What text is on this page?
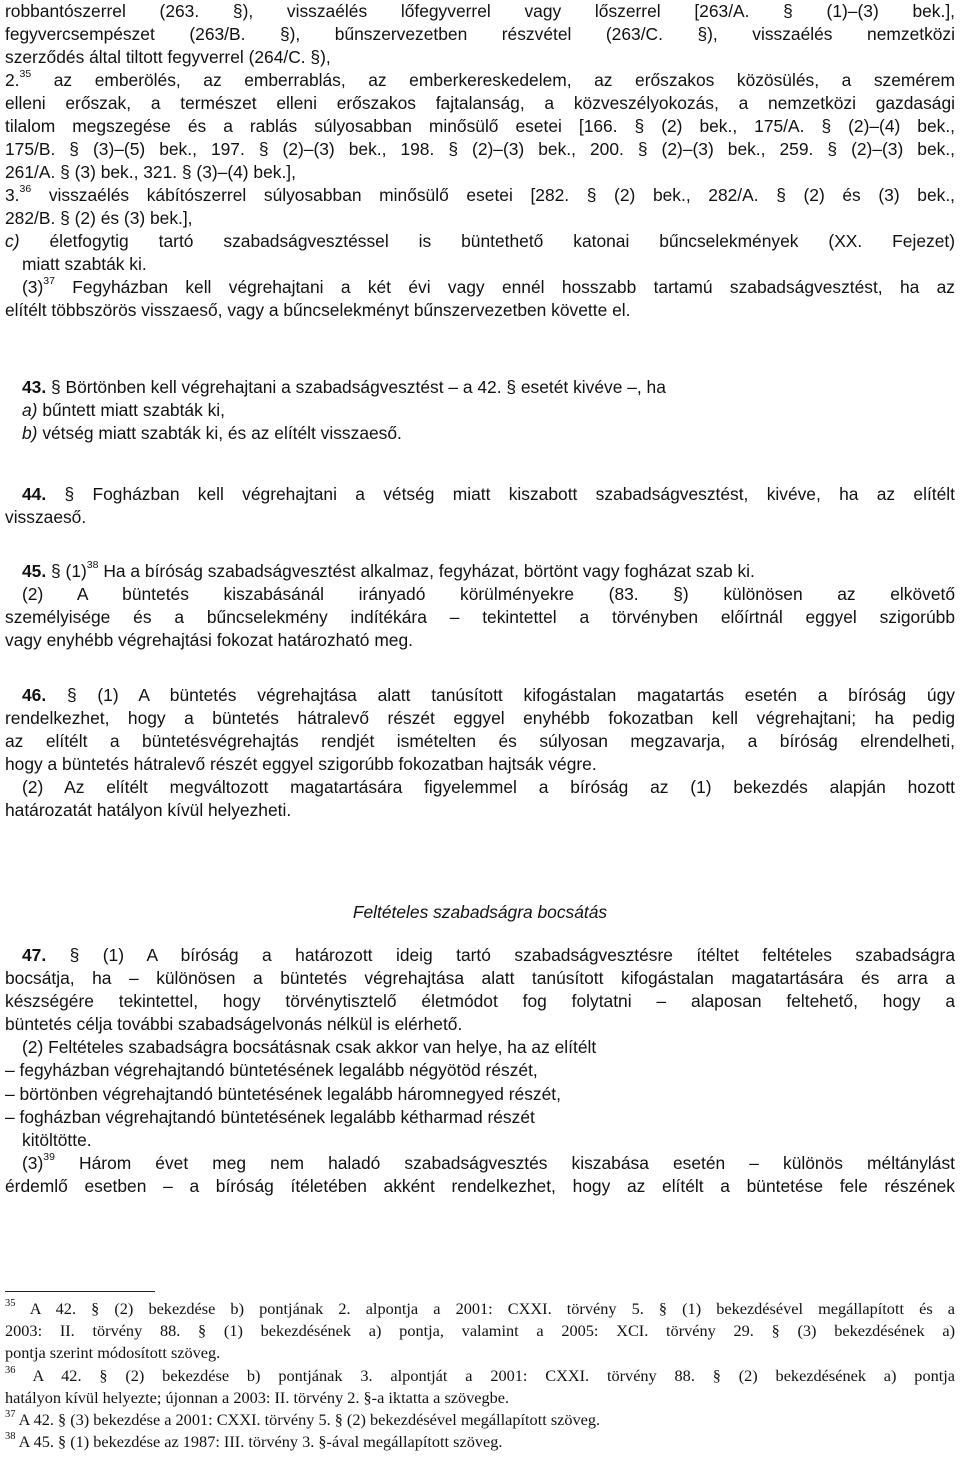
robbantószerrel (263. §), visszaélés lőfegyverrel vagy lőszerrel [263/A. § (1)–(3) bek.],
fegyvercsempészet (263/B. §), bűnszervezetben részvétel (263/C. §), visszaélés nemzetközi
szerződés által tiltott fegyverrel (264/C. §),
2.35 az emberölés, az emberrablás, az emberkereskedelem, az erőszakos közösülés, a szemérem
elleni erőszak, a természet elleni erőszakos fajtalanság, a közveszélyokozás, a nemzetközi gazdasági
tilalom megszegése és a rablás súlyosabban minősülő esetei [166. § (2) bek., 175/A. § (2)–(4) bek.,
175/B. § (3)–(5) bek., 197. § (2)–(3) bek., 198. § (2)–(3) bek., 200. § (2)–(3) bek., 259. § (2)–(3) bek.,
261/A. § (3) bek., 321. § (3)–(4) bek.],
3.36 visszaélés kábítószerrel súlyosabban minősülő esetei [282. § (2) bek., 282/A. § (2) és (3) bek.,
282/B. § (2) és (3) bek.],
c) életfogytig tartó szabadságvesztéssel is büntethető katonai bűncselekmények (XX. Fejezet)
miatt szabták ki.
$(3)^{37}$ Fegyházban kell végrehajtani a két évi vagy ennél hosszabb tartamú szabadságvesztést, ha az
elítélt többszörös visszaeső, vagy a bűncselekményt bűnszervezetben követte el.
43. § Börtönben kell végrehajtani a szabadságvesztést – a 42. § esetét kivéve –, ha
a) bűntett miatt szabták ki,
b) vétség miatt szabták ki, és az elítélt visszaeső.
44. § Fogházban kell végrehajtani a vétség miatt kiszabott szabadságvesztést, kivéve, ha az elítélt
visszaeső.
45. § $(1)^{38}$ Ha a bíróság szabadságvesztést alkalmaz, fegyházat, börtönt vagy fogházat szab ki.
(2) A büntetés kiszabásánál irányadó körülményekre (83. §) különösen az elkövető
személyisége és a bűncselekmény indítékára – tekintettel a törvényben előírtnál eggyel szigorúbb
vagy enyhébb végrehajtási fokozat határozható meg.
46. § (1) A büntetés végrehajtása alatt tanúsított kifogástalan magatartás esetén a bíróság úgy
rendelkezhet, hogy a büntetés hátralevő részét eggyel enyhébb fokozatban kell végrehajtani; ha pedig
az elítélt a büntetésvégrehajtás rendjét ismételten és súlyosan megzavarja, a bíróság elrendelheti,
hogy a büntetés hátralevő részét eggyel szigorúbb fokozatban hajtsák végre.
(2) Az elítélt megváltozott magatartására figyelemmel a bíróság az (1) bekezdés alapján hozott
határozatát hatályon kívül helyezheti.
Feltételes szabadságra bocsátás
47. § (1) A bíróság a határozott ideig tartó szabadságvesztésre ítéltet feltételes szabadságra
bocsátja, ha – különösen a büntetés végrehajtása alatt tanúsított kifogástalan magatartására és arra a
készségére tekintettel, hogy törvénytisztelő életmódot fog folytatni – alaposan feltehető, hogy a
büntetés célja további szabadságelvonás nélkül is elérhető.
(2) Feltételes szabadságra bocsátásnak csak akkor van helye, ha az elítélt
– fegyházban végrehajtandó büntetésének legalább négyötöd részét,
– börtönben végrehajtandó büntetésének legalább háromnegyed részét,
– fogházban végrehajtandó büntetésének legalább kétharmad részét
kitöltötte.
$(3)^{39}$ Három évet meg nem haladó szabadságvesztés kiszabása esetén – különös méltánylást
érdemlő esetben – a bíróság ítéletében akként rendelkezhet, hogy az elítélt a büntetése fele részének
$^{35}$ A 42. § (2) bekezdése b) pontjának 2. alpontja a 2001: CXXI. törvény 5. § (1) bekezdésével megállapított és a
2003: II. törvény 88. § (1) bekezdésének a) pontja, valamint a 2005: XCI. törvény 29. § (3) bekezdésének a)
pontja szerint módosított szöveg.
$^{36}$ A 42. § (2) bekezdése b) pontjának 3. alpontját a 2001: CXXI. törvény 88. § (2) bekezdésének a) pontja
hatályon kívül helyezte; újonnan a 2003: II. törvény 2. §-a iktatta a szövegbe.
$^{37}$ A 42. § (3) bekezdése a 2001: CXXI. törvény 5. § (2) bekezdésével megállapított szöveg.
$^{38}$ A 45. § (1) bekezdése az 1987: III. törvény 3. §-ával megállapított szöveg.
